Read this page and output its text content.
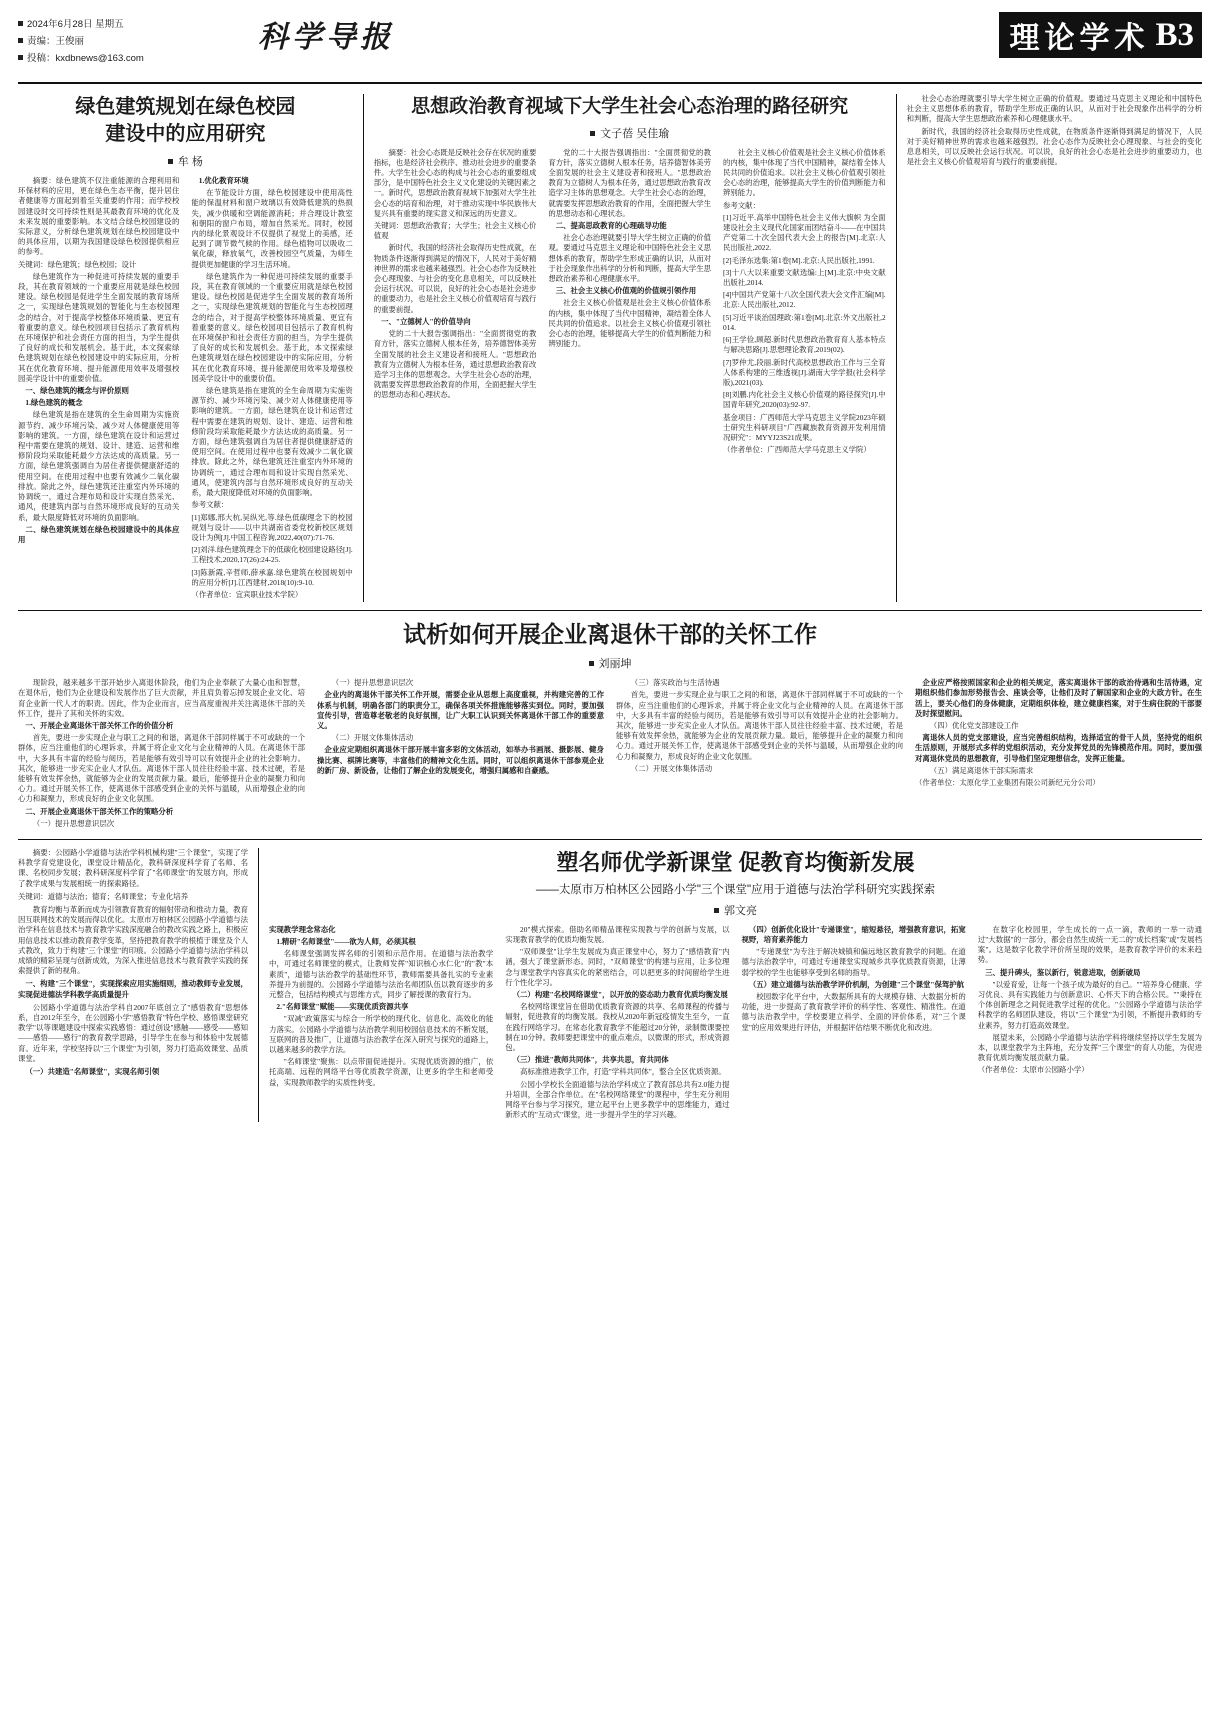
2024年6月28日 星期五
责编：王俊丽
投稿：kxdbnews@163.com
科学导报	理论学术 B3
绿色建筑规划在绿色校园
建设中的应用研究
牟 杨

摘要：绿色建筑不仅注重能源的合理利用和环保材料的应用，更在绿色生态平衡，提升居住者健康等方面起到着至关重要的作用；而学校校园建设时交可持续性则是其最教育环境的优化及未来发展的重要影响。本文结合绿色校园建设的实际意义，分析绿色建筑规划在绿色校园建设中的具体应用，以期为我国建设绿色校园提供相应的参考。

关键词：绿色建筑；绿色校园；设计

绿色建筑作为一种促进可持续发展的重要手段，其在教育领域的一个重要应用就是绿色校园建设。绿色校园是促进学生全面发展的教育场所之一，实现绿色建筑规划的智能化与生态校园理念的结合，对于提高学校整体环境质量、更宜有着重要的意义。绿色校园项目包括示了教育机构在环境保护和社会责任方面的担当，为学生提供了良好的成长和发展机会。基于此，本文探索绿色建筑规划在绿色校园建设中的实际应用，分析其在优化教育环境、提升能源使用效率及增强校园美学设计中的重要价值。

一、绿色建筑的概念与评价原则

1.绿色建筑的概念

绿色建筑是指在建筑的全生命周期为实施资源节约、减少环境污染、减少对人体健康使用等影响的建筑。一方面，绿色建筑在设计和运营过程中需要在建筑的规划、设计、建造、运营和维修阶段均采取能耗最少方法达成的高质量。另一方面，绿色建筑强调自为居住者提供健康舒适的使用空间。在使用过程中也要有效减少二氧化碳排放。除此之外，绿色建筑还注重室内外环境的协调统一，通过合理布局和设计实现自然采光、通风，使建筑内部与自然环境形成良好的互动关系，最大限度降低对环境的负面影响。

二、绿色建筑规划在绿色校园建设中的具体应用

1.优化教育环境

在节能设计方面，绿色校园建设中使用高性能的保温材料和窗户玻璃以有效降低建筑的热损失，减少供暖和空调能源消耗；并合理设计教室和朝阳的窗户布局，增加自然采光。同时，校园内的绿化景观设计不仅提供了视觉上的美感，还起到了调节微气候的作用。绿色植物可以吸收二氧化碳，释放氧气，改善校园空气质量，为师生提供更加健康的学习生活环境。

绿色建筑作为一种促进可持续发展的重要手段，其在教育领域的一个重要应用就是绿色校园建设。绿色校园是促进学生全面发展的教育场所之一，实现绿色建筑规划的智能化与生态校园理念的结合，对于提高学校整体环境质量、更宜有着重要的意义。绿色校园项目包括示了教育机构在环境保护和社会责任方面的担当，为学生提供了良好的成长和发展机会。基于此，本文探索绿色建筑规划在绿色校园建设中的实际应用，分析其在优化教育环境、提升能源使用效率及增强校园美学设计中的重要价值。

绿色建筑是指在建筑的全生命周期为实施资源节约、减少环境污染、减少对人体健康使用等影响的建筑。一方面，绿色建筑在设计和运营过程中需要在建筑的规划、设计、建造、运营和维修阶段均采取能耗最少方法达成的高质量。另一方面，绿色建筑强调自为居住者提供健康舒适的使用空间。在使用过程中也要有效减少二氧化碳排放。除此之外，绿色建筑还注重室内外环境的协调统一，通过合理布局和设计实现自然采光、通风，使建筑内部与自然环境形成良好的互动关系，最大限度降低对环境的负面影响。

参考文献：

[1]郑娜,邢大杭,吴纵光,等.绿色低碳理念下的校园规划与设计——以中共湖南省委党校新校区规划设计为例[J].中国工程咨询,2022,40(07):71-76.

[2]刘洋.绿色建筑理念下的低碳化校园建设路径[J].工程技术,2020,17(26):24-25.

[3]陈新霞,辛哲师,薛承嘉.绿色建筑在校园规划中的应用分析[J].江西建材,2018(10):9-10.

（作者单位：宜宾职业技术学院）

思想政治教育视域下大学生社会心态治理的路径研究
文子蓓 吴佳瑜

摘要：社会心态既是反映社会存在状况的重要指标，也是经济社会秩序、推动社会进步的重要条件。大学生社会心态的构成与社会心态的重要组成部分，是中国特色社会主义文化建设的关键因素之一。新时代，思想政治教育视域下加强对大学生社会心态的培育和治理，对于推动实现中华民族伟大复兴具有重要的现实意义和深远的历史意义。

关键词：思想政治教育；大学生；社会主义核心价值观

新时代，我国的经济社会取得历史性成就，在物质条件逐渐得到满足的情况下，人民对于美好精神世界的需求也越来越强烈。社会心态作为反映社会心理现象、与社会的变化息息相关，可以反映社会运行状况。可以说，良好的社会心态是社会进步的重要动力，也是社会主义核心价值观培育与践行的重要前提。

一、"立德树人"的价值导向

党的二十大报告强调指出："全面贯彻党的教育方针，落实立德树人根本任务，培养德智体美劳全面发展的社会主义建设者和接班人。"思想政治教育为立德树人为根本任务，通过思想政治教育改造学习主体的思想观念。大学生社会心态的治理，就需要发挥思想政治教育的作用，全面把握大学生的思想动态和心理状态。

党的二十大报告强调指出："全面贯彻党的教育方针，落实立德树人根本任务，培养德智体美劳全面发展的社会主义建设者和接班人。"思想政治教育为立德树人为根本任务，通过思想政治教育改造学习主体的思想观念。大学生社会心态的治理，就需要发挥思想政治教育的作用，全面把握大学生的思想动态和心理状态。

二、提高思政教育的心理疏导功能

社会心态治理就要引导大学生树立正确的价值观。要通过马克思主义理论和中国特色社会主义思想体系的教育，帮助学生形成正确的认识，从而对于社会现象作出科学的分析和判断，提高大学生思想政治素养和心理健康水平。

三、社会主义核心价值观的价值规引领作用

社会主义核心价值观是社会主义核心价值体系的内核，集中体现了当代中国精神，凝结着全体人民共同的价值追求。以社会主义核心价值观引领社会心态的治理，能够提高大学生的价值判断能力和辨别能力。

社会主义核心价值观是社会主义核心价值体系的内核，集中体现了当代中国精神，凝结着全体人民共同的价值追求。以社会主义核心价值观引领社会心态的治理，能够提高大学生的价值判断能力和辨别能力。

参考文献：

[1]习近平.高举中国特色社会主义伟大旗帜 为全面建设社会主义现代化国家而团结奋斗——在中国共产党第二十次全国代表大会上的报告[M].北京:人民出版社,2022.

[2]毛泽东选集:第1卷[M].北京:人民出版社,1991.

[3]十八大以来重要文献选编:上[M].北京:中央文献出版社,2014.

[4]中国共产党第十八次全国代表大会文件汇编[M].北京:人民出版社,2012.

[5]习近平谈治国理政:第1卷[M].北京:外文出版社,2014.

[6]王学俭,顾超.新时代思想政治教育育人基本特点与解决思路[J].思想理论教育,2019(02).

[7]罗仲尤,段丽.新时代高校思想政治工作与三全育人体系构建的三维透视[J].湖南大学学报(社会科学版),2021(03).

[8]刘鹏.内化社会主义核心价值观的路径探究[J].中国青年研究,2020(03):92-97.

基金项目：广西师范大学马克思主义学院2023年硕士研究生科研项目"广西藏族教育资源开发利用情况研究"：MYYJ23S21成果。

（作者单位：广西师范大学马克思主义学院）

社会心态治理就要引导大学生树立正确的价值观。要通过马克思主义理论和中国特色社会主义思想体系的教育，帮助学生形成正确的认识，从而对于社会现象作出科学的分析和判断，提高大学生思想政治素养和心理健康水平。

新时代，我国的经济社会取得历史性成就，在物质条件逐渐得到满足的情况下，人民对于美好精神世界的需求也越来越强烈。社会心态作为反映社会心理现象、与社会的变化息息相关，可以反映社会运行状况。可以说，良好的社会心态是社会进步的重要动力，也是社会主义核心价值观培育与践行的重要前提。

试析如何开展企业离退休干部的关怀工作
刘丽坤

现阶段，越来越多干部开始步入离退休阶段，他们为企业奉献了大量心血和智慧，在退休后，他们为企业建设和发展作出了巨大贡献，并且肩负着忘掉发展企业文化、培育企业新一代人才的职责。因此，作为企业而言，应当高度重视并关注离退休干部的关怀工作，提升了其和关怀的实效。

一、开展企业离退休干部关怀工作的价值分析

首先，要进一步实现企业与职工之间的和谐，离退休干部同样属于不可或缺的一个群体，应当注重他们的心理诉求，并属于将企业文化与企业精神的人员。在离退休干部中，大多具有丰富的经验与阅历，若是能够有效引导可以有效提升企业的社会影响力。其次，能够进一步充实企业人才队伍。离退休干部人员往往经验丰富、技术过硬，若是能够有效发挥余热，就能够为企业的发展贡献力量。最后，能够提升企业的凝聚力和向心力。通过开展关怀工作，使离退休干部感受到企业的关怀与温暖，从而增强企业的向心力和凝聚力，形成良好的企业文化氛围。

二、开展企业离退休干部关怀工作的策略分析

（一）提升思想意识层次

（一）提升思想意识层次

企业内的离退休干部关怀工作开展，需要企业从思想上高度重视，并构建完善的工作体系与机制，明确各部门的职责分工，确保各项关怀措施能够落实到位。同时，要加强宣传引导，营造尊老敬老的良好氛围，让广大职工认识到关怀离退休干部工作的重要意义。

（二）开展文体集体活动

企业应定期组织离退休干部开展丰富多彩的文体活动，如举办书画展、摄影展、健身操比赛、棋牌比赛等，丰富他们的精神文化生活。同时，可以组织离退休干部参观企业的新厂房、新设备，让他们了解企业的发展变化，增强归属感和自豪感。

（三）落实政治与生活待遇

首先，要进一步实现企业与职工之间的和谐，离退休干部同样属于不可或缺的一个群体，应当注重他们的心理诉求，并属于将企业文化与企业精神的人员。在离退休干部中，大多具有丰富的经验与阅历，若是能够有效引导可以有效提升企业的社会影响力。其次，能够进一步充实企业人才队伍。离退休干部人员往往经验丰富、技术过硬，若是能够有效发挥余热，就能够为企业的发展贡献力量。最后，能够提升企业的凝聚力和向心力。通过开展关怀工作，使离退休干部感受到企业的关怀与温暖，从而增强企业的向心力和凝聚力，形成良好的企业文化氛围。

（二）开展文体集体活动

企业应严格按照国家和企业的相关规定，落实离退休干部的政治待遇和生活待遇，定期组织他们参加形势报告会、座谈会等，让他们及时了解国家和企业的大政方针。在生活上，要关心他们的身体健康，定期组织体检，建立健康档案，对于生病住院的干部要及时探望慰问。

（四）优化党支部建设工作

离退休人员的党支部建设，应当完善组织结构，选择适宜的骨干人员，坚持党的组织生活原则，开展形式多样的党组织活动，充分发挥党员的先锋模范作用。同时，要加强对离退休党员的思想教育，引导他们坚定理想信念，发挥正能量。

（五）满足离退休干部实际需求

（作者单位：太原化学工业集团有限公司新纪元分公司）

摘要：公园路小学道德与法治学科机械构建"三个课堂"，实现了学科教学育党建设化，课堂设计精品化，教科研深度科学育了名师、名课、名校同步发展；教科研深度科学育了"名师课堂"的发展方向，形成了教学成果与发展相统一的探索路径。

关键词：道德与法治；德育；名师课堂；专业化培养

教育均衡与革新而成为引领教育教育的辐射带动和推动力量，教育因互联网技术的发展而得以优化。太原市万柏林区公园路小学道德与法治学科在信息技术与教育教学实践深度融合的教改实践之路上，积极应用信息技术以推动教育教学变革，坚持把教育教学的根植于课堂及个人式教改，致力于构建"三个课堂"的印痕。公园路小学道德与法治学科以成绩的精彩呈现与创新成效，为深入推进信息技术与教育教学实践的探索提供了新的视角。

一、构建"三个课堂"，实现探索应用实施细则，推动教师专业发展，实现促进德法学科教学高质量提升

公园路小学道德与法治学科自2007年底创立了"感悟教育"思想体系，自2012年至今，在公园路小学"感悟教育"特色学校、感悟课堂研究教学"以等课题建设中探索实践感悟：通过创设"感触——感受——感知——感悟——感行"的教育教学思路，引导学生在参与和体验中发展德育。近年来，学校坚持以"三个课堂"为引领，努力打造高效课堂、品质课堂。

（一）共建造"名师课堂"，实现名师引领

塑名师优学新课堂 促教育均衡新发展
——太原市万柏林区公园路小学"三个课堂"应用于道德与法治学科研究实践探索
郭文亮

实现教学理念常态化

1.精研"名师课堂"——欲为人师，必须其根

名师课堂强调发挥名师的引领和示范作用。在道德与法治教学中，可通过名师课堂的模式，让教师发挥"知识核心水仁化"的"教"本素质"，道德与法治教学的基础性环节，教师需要具备扎实的专业素养提升为前提的。公园路小学道德与法治名师团队伍以教育逐步的多元整合，包括结构模式与思维方式，同步了解授课的教育行为。

2."名师课堂"赋能——实现优质资源共享

"双减"政策落实与综合一所学校的现代化、信息化、高效化的能力落实。公园路小学道德与法治教学利用校园信息技术的不断发展，互联网的普及推广，让道德与法治教学在深入研究与探究的道路上，以越来越多的教学方法。

"名师课堂"聚焦：以点带面促进提升。实现优质资源的推广，依托高端、远程的网络平台等优质教学资源，让更多的学生和老师受益，实现教师教学的实质性转变。

20"模式探索。借助名师精品课程实现教与学的创新与发展，以实现教育教学的优质均衡发展。

"双师课堂"让学生发展成为真正课堂中心，努力了"感悟教育"内涵，强大了课堂新形态。同时，"双师课堂"的构建与应用，让多位理念与课堂教学内容真实化的紧密结合，可以把更多的时间留给学生进行个性化学习。

（二）构建"名校网络课堂"，以开放的姿态助力教育优质均衡发展

名校网络课堂旨在借助优质教育资源的共享、名师课程的传播与辐射，促进教育的均衡发展。我校从2020年新冠疫情发生至今，一直在践行网络学习。在常态化教育教学不能超过20分钟，录制微课要控制在10分钟。教师要把课堂中的重点难点，以微课的形式，形成资源包。

（三）推进"教师共同体"，共享共思，育共同体

高标准推进教学工作，打造"学科共同体"，整合全区优质资源。

公园小学校长全面道德与法治学科成立了教育部总共有2.0能力提升培训，全部合作单位。在"名校网络课堂"的课程中，学生充分利用网络平台参与学习探究，建立起平台上更多教学中的思维能力，通过新形式的"互动式"课堂，进一步提升学生的学习兴趣。

（四）创新优化设计"专递课堂"，缩短悬径，增强教育意识，拓宽视野，培育素养能力

"专递课堂"为专注于解决城镇和偏远地区教育教学的问题。在道德与法治教学中，可通过专递课堂实现城乡共享优质教育资源，让薄弱学校的学生也能够享受到名师的指导。

（五）建立道德与法治教学评价机制，为创建"三个课堂"保驾护航

校园数字化平台中，大数据所具有的大规模存储、大数据分析的功能，进一步提高了教育教学评价的科学性、客观性、精准性。在道德与法治教学中，学校要建立科学、全面的评价体系，对"三个课堂"的应用效果进行评估，并根据评估结果不断优化和改进。

在数字化校园里，学生成长的一点一滴，教师的一举一动通过"大数据"的一部分，都会自然生成统一无二的"成长档案"或"发展档案"。这是数字化教学评价所呈现的效果，是教育教学评价的未来趋势。

三、提升碑头，鉴以新行，锐意进取，创新破局

"以爱育爱，让每一个孩子成为最好的自己。""培养身心健康、学习优良、具有实践能力与创新意识、心怀天下的合格公民。""秉持在个体创新理念之间促进教学过程的优化。"公园路小学道德与法治学科教学的名师团队建设，将以"三个课堂"为引领，不断提升教师的专业素养，努力打造高效课堂。

展望未来，公园路小学道德与法治学科将继续坚持以学生发展为本，以课堂教学为主阵地，充分发挥"三个课堂"的育人功能，为促进教育优质均衡发展贡献力量。

（作者单位：太原市公园路小学）
